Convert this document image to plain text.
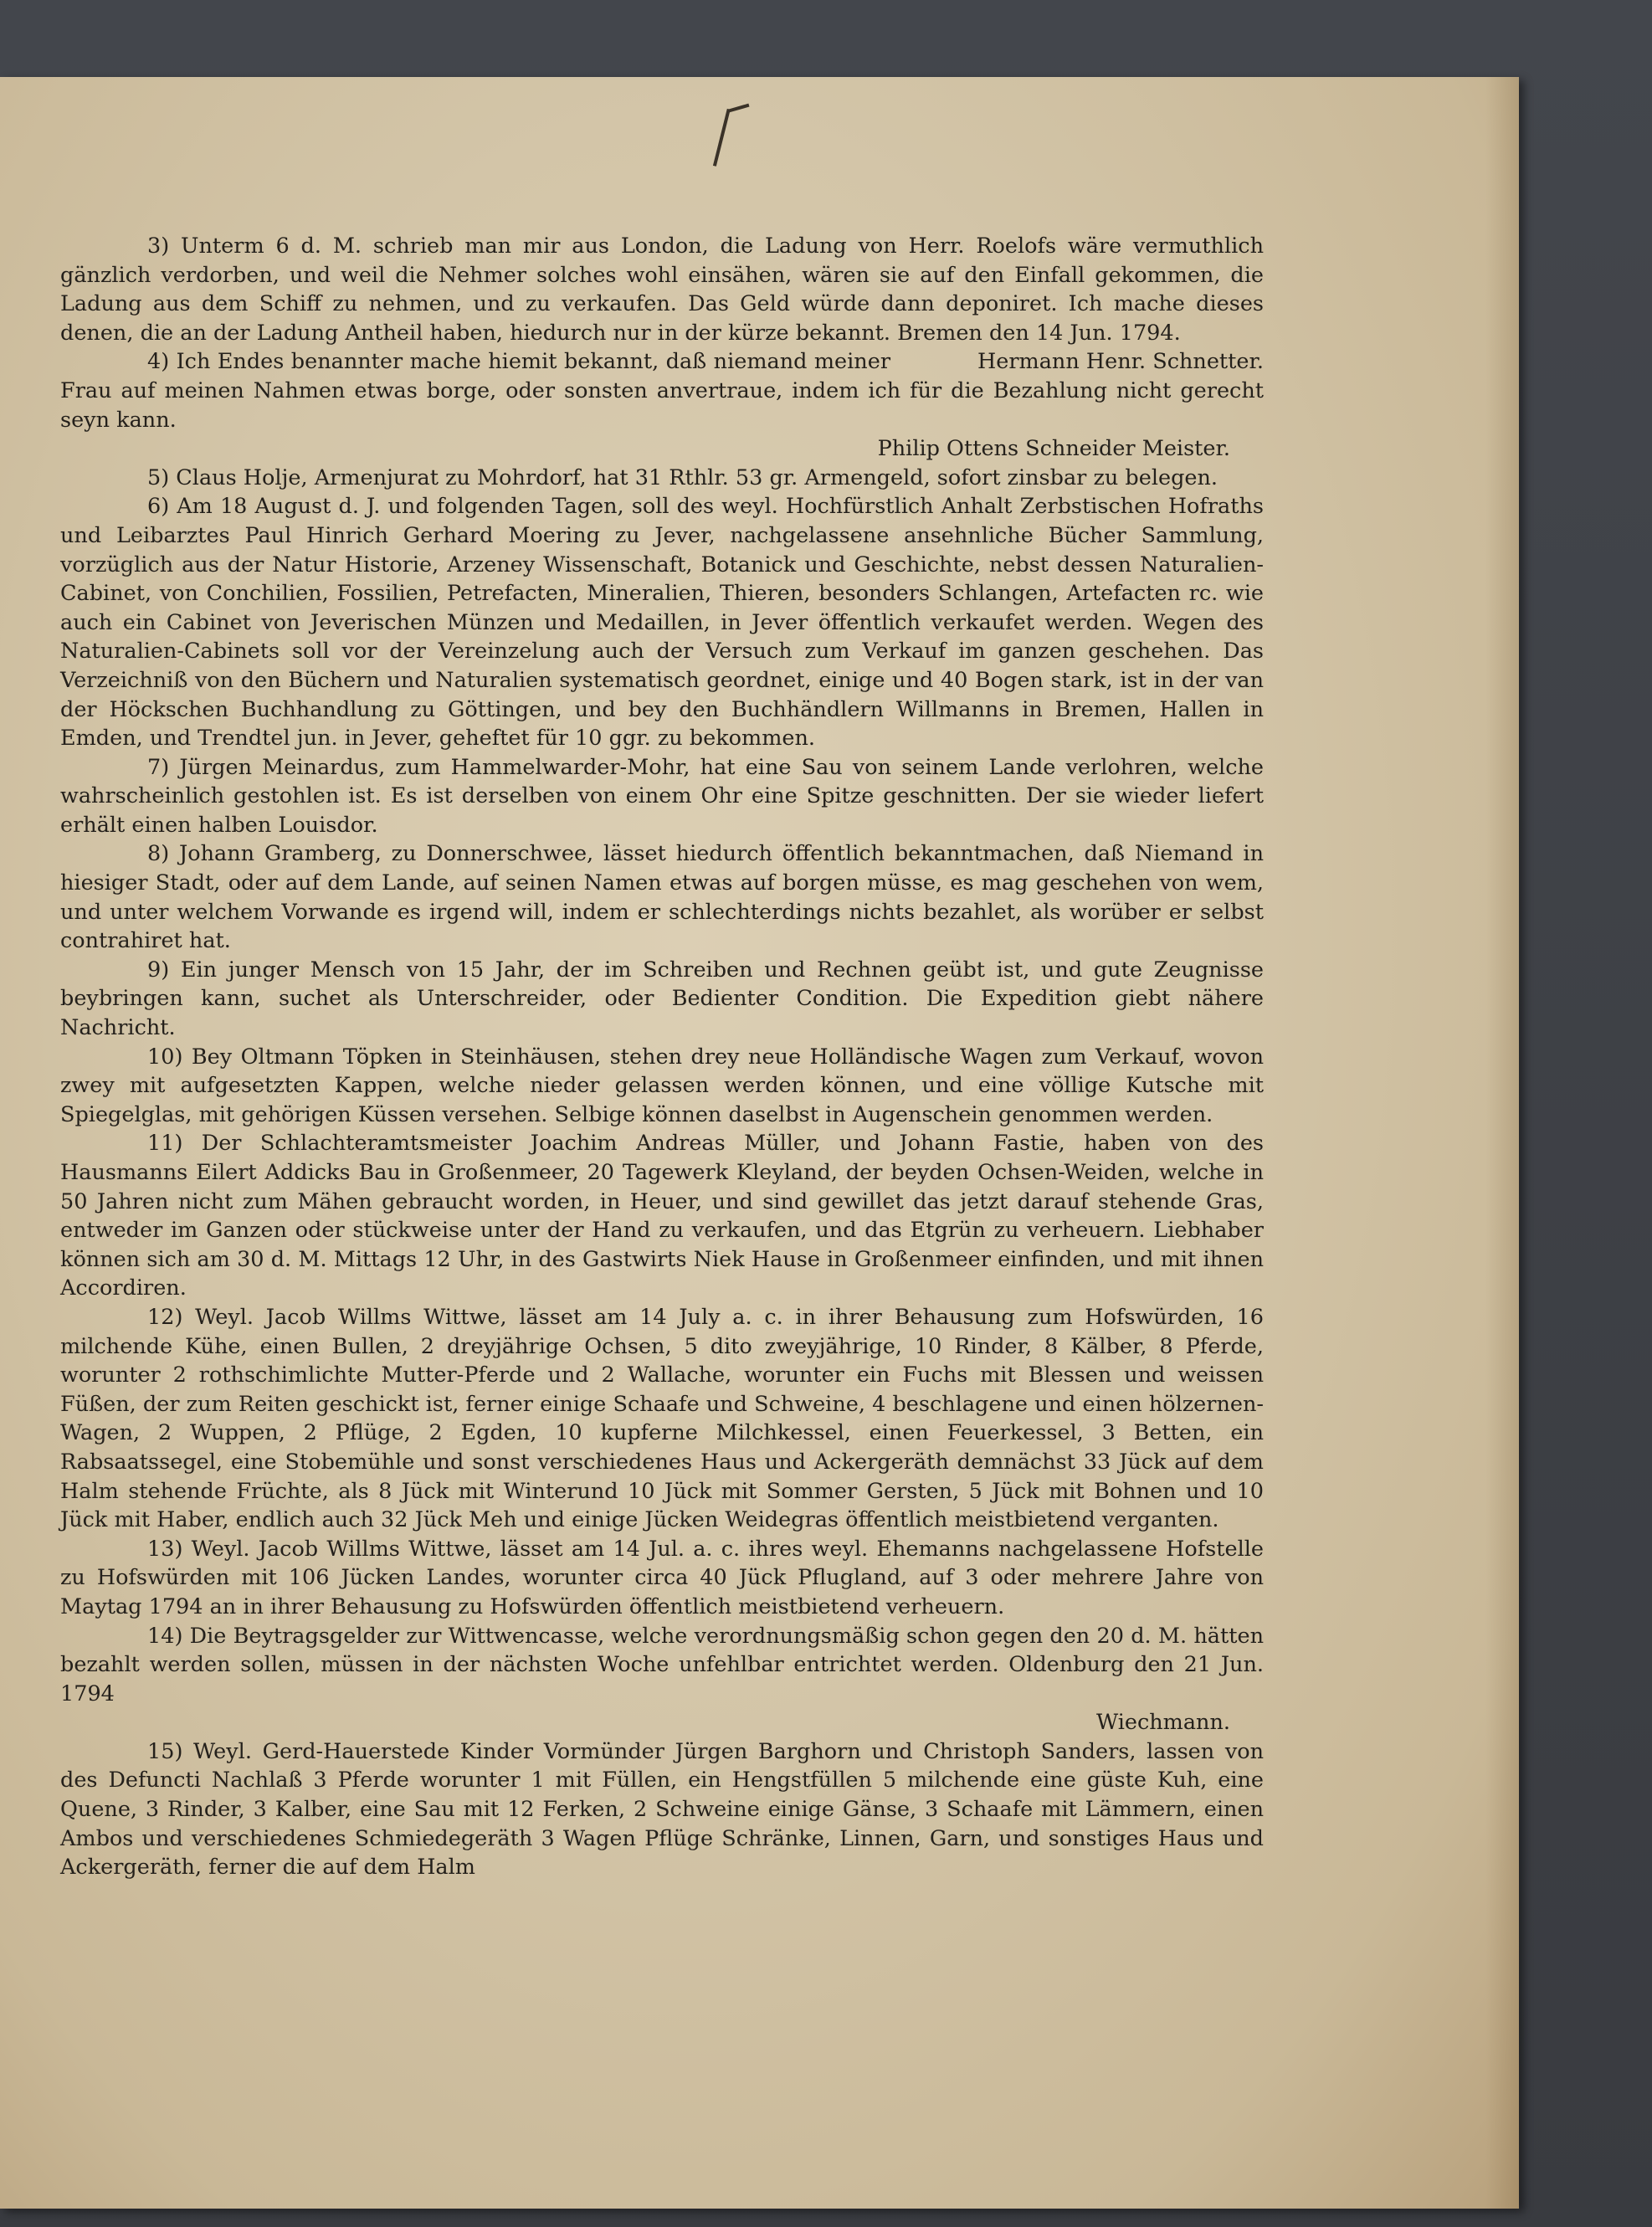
3) Unterm 6 d. M. schrieb man mir aus London, die Ladung von Herr. Roelofs wäre vermuthlich gänzlich verdorben, und weil die Nehmer solches wohl einsähen, wären sie auf den Einfall gekommen, die Ladung aus dem Schiff zu nehmen, und zu verkaufen. Das Geld würde dann deponiret. Ich mache dieses denen, die an der Ladung Antheil haben, hiedurch nur in der kürze bekannt. Bremen den 14 Jun. 1794.
Hermann Henr. Schnetter.

4) Ich Endes benannter mache hiemit bekannt, daß niemand meiner Frau auf meinen Nahmen etwas borge, oder sonsten anvertraue, indem ich für die Bezahlung nicht gerecht seyn kann.

Philip Ottens Schneider Meister.

5) Claus Holje, Armenjurat zu Mohrdorf, hat 31 Rthlr. 53 gr. Armengeld, sofort zinsbar zu belegen.

6) Am 18 August d. J. und folgenden Tagen, soll des weyl. Hochfürstlich Anhalt Zerbstischen Hofraths und Leibarztes Paul Hinrich Gerhard Moering zu Jever, nachgelassene ansehnliche Bücher Sammlung, vorzüglich aus der Natur Historie, Arzeney Wissenschaft, Botanick und Geschichte, nebst dessen Naturalien-Cabinet, von Conchilien, Fossilien, Petrefacten, Mineralien, Thieren, besonders Schlangen, Artefacten rc. wie auch ein Cabinet von Jeverischen Münzen und Medaillen, in Jever öffentlich verkaufet werden. Wegen des Naturalien-Cabinets soll vor der Vereinzelung auch der Versuch zum Verkauf im ganzen geschehen. Das Verzeichniß von den Büchern und Naturalien systematisch geordnet, einige und 40 Bogen stark, ist in der van der Höckschen Buchhandlung zu Göttingen, und bey den Buchhändlern Willmanns in Bremen, Hallen in Emden, und Trendtel jun. in Jever, geheftet für 10 ggr. zu bekommen.

7) Jürgen Meinardus, zum Hammelwarder-Mohr, hat eine Sau von seinem Lande verlohren, welche wahrscheinlich gestohlen ist. Es ist derselben von einem Ohr eine Spitze geschnitten. Der sie wieder liefert erhält einen halben Louisdor.

8) Johann Gramberg, zu Donnerschwee, lässet hiedurch öffentlich bekanntmachen, daß Niemand in hiesiger Stadt, oder auf dem Lande, auf seinen Namen etwas auf borgen müsse, es mag geschehen von wem, und unter welchem Vorwande es irgend will, indem er schlechterdings nichts bezahlet, als worüber er selbst contrahiret hat.

9) Ein junger Mensch von 15 Jahr, der im Schreiben und Rechnen geübt ist, und gute Zeugnisse beybringen kann, suchet als Unterschreider, oder Bedienter Condition. Die Expedition giebt nähere Nachricht.

10) Bey Oltmann Töpken in Steinhäusen, stehen drey neue Holländische Wagen zum Verkauf, wovon zwey mit aufgesetzten Kappen, welche nieder gelassen werden können, und eine völlige Kutsche mit Spiegelglas, mit gehörigen Küssen versehen. Selbige können daselbst in Augenschein genommen werden.

11) Der Schlachteramtsmeister Joachim Andreas Müller, und Johann Fastie, haben von des Hausmanns Eilert Addicks Bau in Großenmeer, 20 Tagewerk Kleyland, der beyden Ochsen-Weiden, welche in 50 Jahren nicht zum Mähen gebraucht worden, in Heuer, und sind gewillet das jetzt darauf stehende Gras, entweder im Ganzen oder stückweise unter der Hand zu verkaufen, und das Etgrün zu verheuern. Liebhaber können sich am 30 d. M. Mittags 12 Uhr, in des Gastwirts Niek Hause in Großenmeer einfinden, und mit ihnen Accordiren.

12) Weyl. Jacob Willms Wittwe, lässet am 14 July a. c. in ihrer Behausung zum Hofswürden, 16 milchende Kühe, einen Bullen, 2 dreyjährige Ochsen, 5 dito zweyjährige, 10 Rinder, 8 Kälber, 8 Pferde, worunter 2 rothschimlichte Mutter-Pferde und 2 Wallache, worunter ein Fuchs mit Blessen und weissen Füßen, der zum Reiten geschickt ist, ferner einige Schaafe und Schweine, 4 beschlagene und einen hölzernen-Wagen, 2 Wuppen, 2 Pflüge, 2 Egden, 10 kupferne Milchkessel, einen Feuerkessel, 3 Betten, ein Rabsaatssegel, eine Stobemühle und sonst verschiedenes Haus und Ackergeräth demnächst 33 Jück auf dem Halm stehende Früchte, als 8 Jück mit Winterund 10 Jück mit Sommer Gersten, 5 Jück mit Bohnen und 10 Jück mit Haber, endlich auch 32 Jück Meh und einige Jücken Weidegras öffentlich meistbietend verganten.

13) Weyl. Jacob Willms Wittwe, lässet am 14 Jul. a. c. ihres weyl. Ehemanns nachgelassene Hofstelle zu Hofswürden mit 106 Jücken Landes, worunter circa 40 Jück Pflugland, auf 3 oder mehrere Jahre von Maytag 1794 an in ihrer Behausung zu Hofswürden öffentlich meistbietend verheuern.

14) Die Beytragsgelder zur Wittwencasse, welche verordnungsmäßig schon gegen den 20 d. M. hätten bezahlt werden sollen, müssen in der nächsten Woche unfehlbar entrichtet werden. Oldenburg den 21 Jun. 1794

Wiechmann.

15) Weyl. Gerd-Hauerstede Kinder Vormünder Jürgen Barghorn und Christoph Sanders, lassen von des Defuncti Nachlaß 3 Pferde worunter 1 mit Füllen, ein Hengstfüllen 5 milchende eine güste Kuh, eine Quene, 3 Rinder, 3 Kalber, eine Sau mit 12 Ferken, 2 Schweine einige Gänse, 3 Schaafe mit Lämmern, einen Ambos und verschiedenes Schmiedegeräth 3 Wagen Pflüge Schränke, Linnen, Garn, und sonstiges Haus und Ackergeräth, ferner die auf dem Halm
